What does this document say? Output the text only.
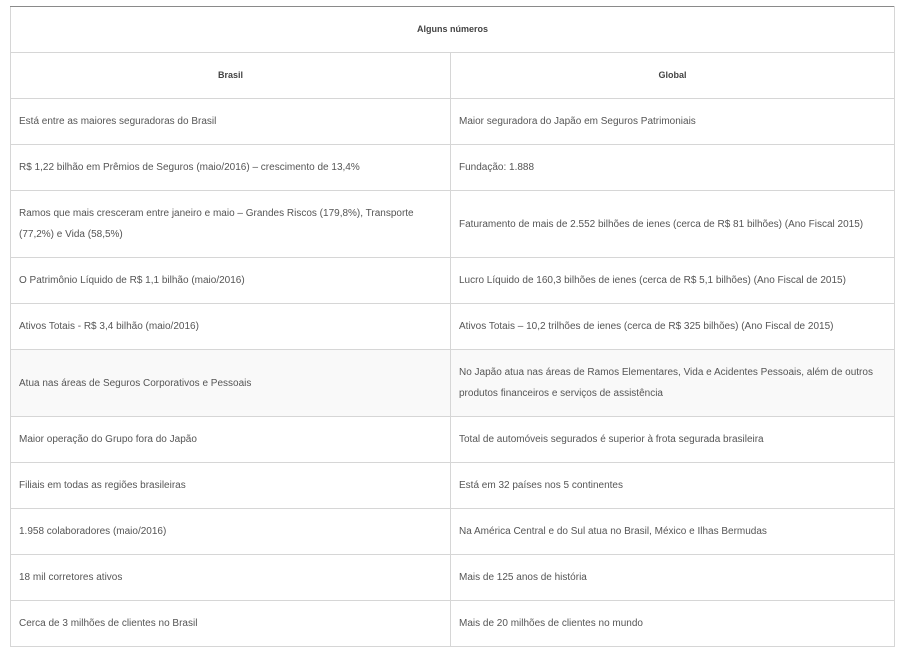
Alguns números	
Brasil	Global
Está entre as maiores seguradoras do Brasil	Maior seguradora do Japão em Seguros Patrimoniais
R$ 1,22 bilhão em Prêmios de Seguros (maio/2016) – crescimento de 13,4%	Fundação: 1.888
Ramos que mais cresceram entre janeiro e maio – Grandes Riscos (179,8%), Transporte (77,2%) e Vida (58,5%)	Faturamento de mais de 2.552 bilhões de ienes (cerca de R$ 81 bilhões) (Ano Fiscal 2015)
O Patrimônio Líquido de R$ 1,1 bilhão (maio/2016)	Lucro Líquido de 160,3 bilhões de ienes (cerca de R$ 5,1 bilhões) (Ano Fiscal de 2015)
Ativos Totais - R$ 3,4 bilhão (maio/2016)	Ativos Totais – 10,2 trilhões de ienes (cerca de R$ 325 bilhões) (Ano Fiscal de 2015)
Atua nas áreas de Seguros Corporativos e Pessoais	No Japão atua nas áreas de Ramos Elementares, Vida e Acidentes Pessoais, além de outros produtos financeiros e serviços de assistência
Maior operação do Grupo fora do Japão	Total de automóveis segurados é superior à frota segurada brasileira
Filiais em todas as regiões brasileiras	Está em 32 países nos 5 continentes
1.958 colaboradores (maio/2016)	Na América Central e do Sul atua no Brasil, México e Ilhas Bermudas
18 mil corretores ativos	Mais de 125 anos de história
Cerca de 3 milhões de clientes no Brasil	Mais de 20 milhões de clientes no mundo
